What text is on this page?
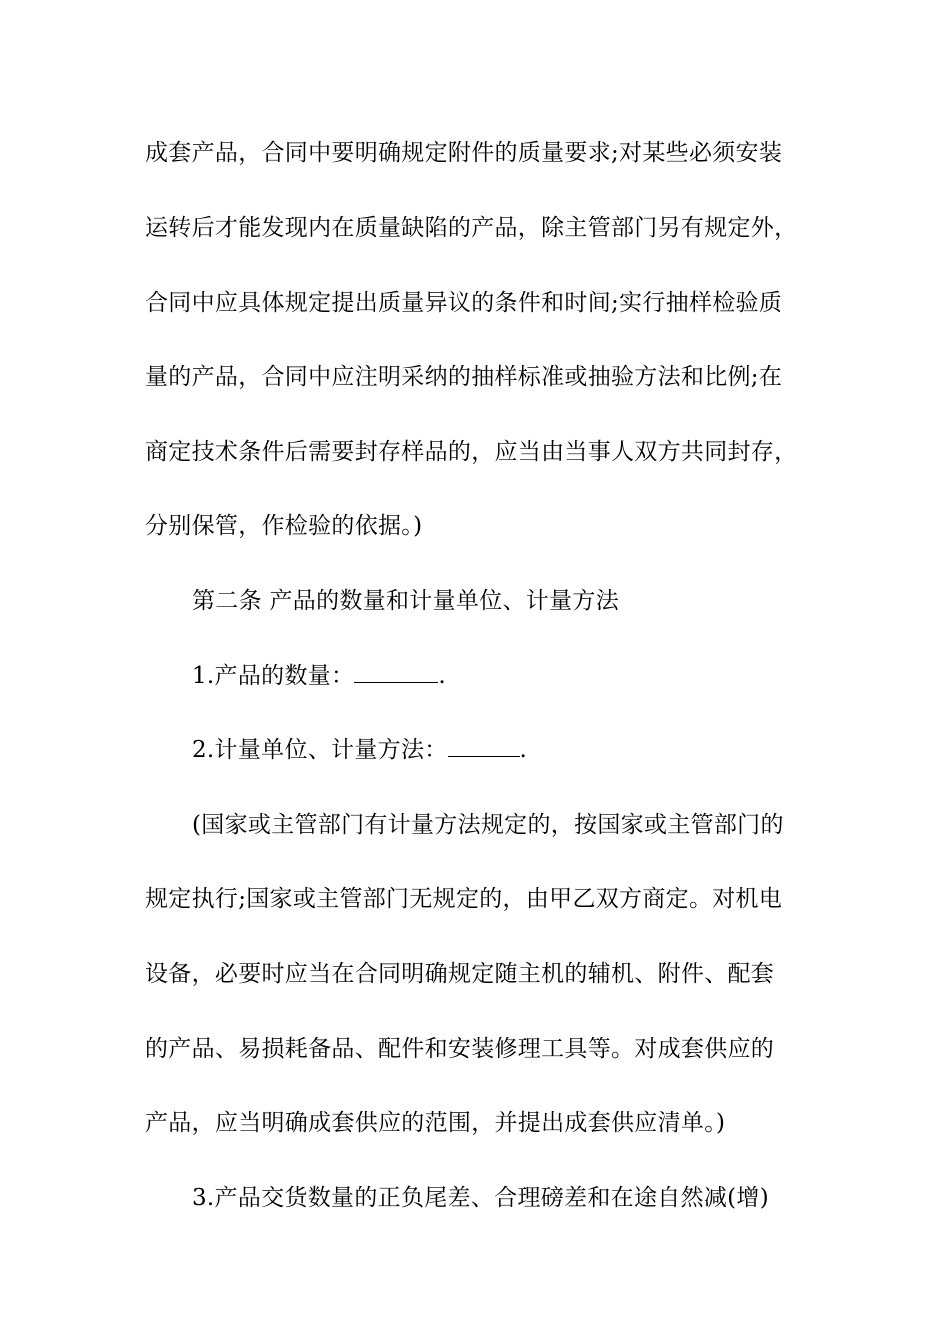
成套产品，合同中要明确规定附件的质量要求;对某些必须安装
运转后才能发现内在质量缺陷的产品，除主管部门另有规定外，
合同中应具体规定提出质量异议的条件和时间;实行抽样检验质
量的产品，合同中应注明采纳的抽样标准或抽验方法和比例;在
商定技术条件后需要封存样品的，应当由当事人双方共同封存，
分别保管，作检验的依据。)
第二条 产品的数量和计量单位、计量方法
1.产品的数量：	.
2.计量单位、计量方法：	.
(国家或主管部门有计量方法规定的，按国家或主管部门的
规定执行;国家或主管部门无规定的，由甲乙双方商定。对机电
设备，必要时应当在合同明确规定随主机的辅机、附件、配套
的产品、易损耗备品、配件和安装修理工具等。对成套供应的
产品，应当明确成套供应的范围，并提出成套供应清单。)
3.产品交货数量的正负尾差、合理磅差和在途自然减(增)
